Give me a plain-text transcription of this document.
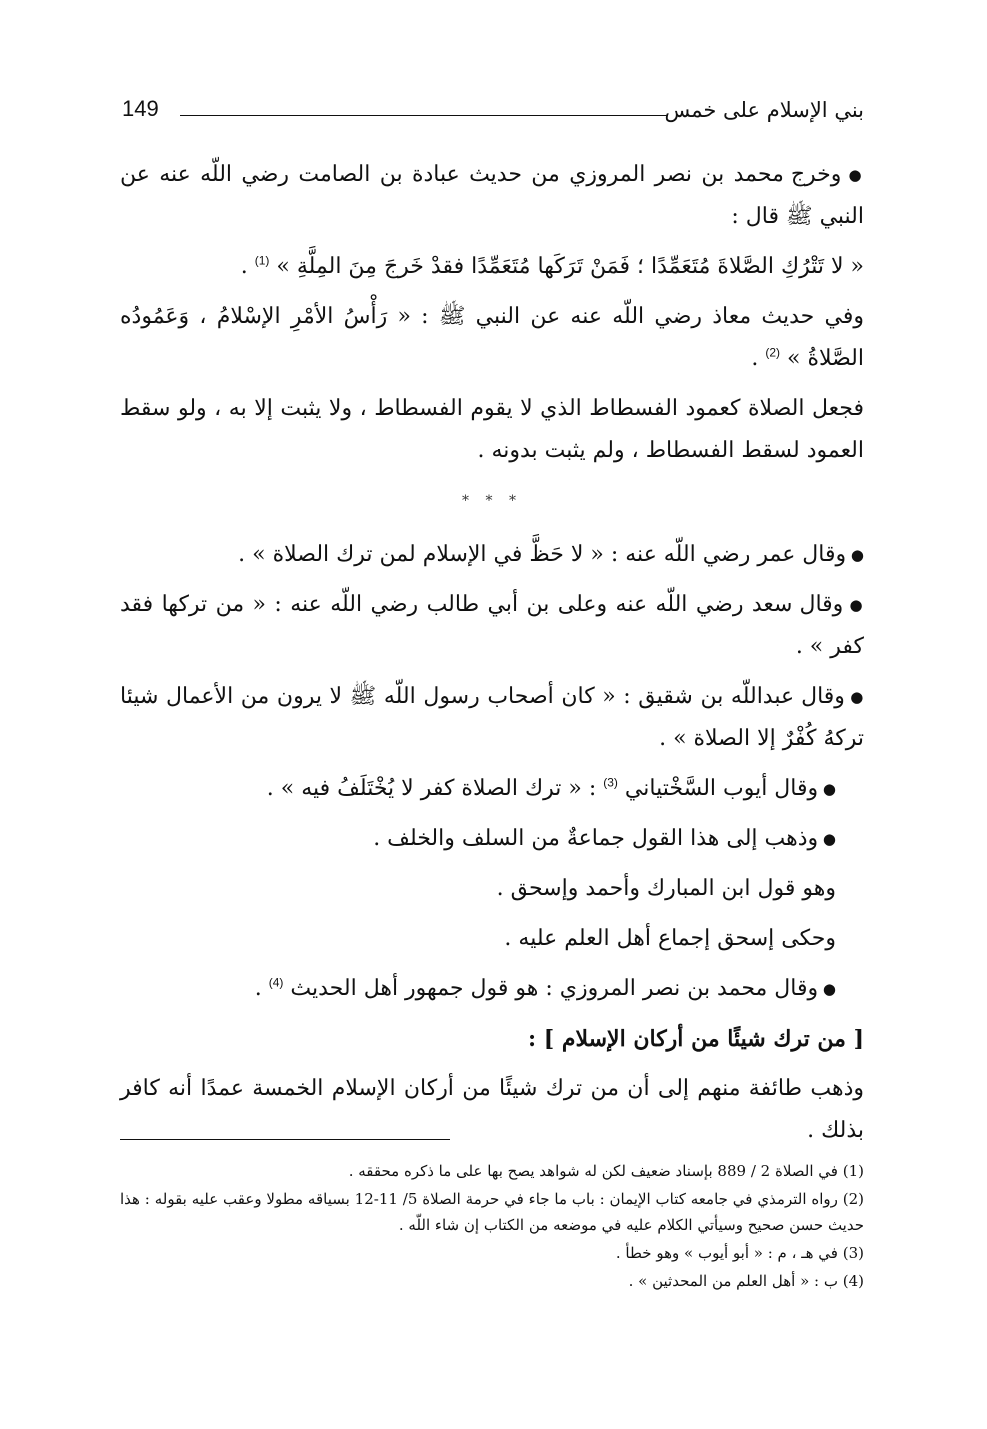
بني الإسلام على خمس
149

● وخرج محمد بن نصر المروزي من حديث عبادة بن الصامت رضي اللّه عنه عن النبي ﷺ قال :

« لا تَتْرُكِ الصَّلاةَ مُتَعَمِّدًا ؛ فَمَنْ تَرَكَها مُتَعَمِّدًا فقدْ خَرجَ مِنَ المِلَّةِ » $^{(1)}$ .

وفي حديث معاذ رضي اللّه عنه عن النبي ﷺ : « رَأْسُ الأمْرِ الإسْلامُ ، وَعَمُودُه الصَّلاةُ » $^{(2)}$ .

فجعل الصلاة كعمود الفسطاط الذي لا يقوم الفسطاط ، ولا يثبت إلا به ، ولو سقط العمود لسقط الفسطاط ، ولم يثبت بدونه .

* * *

● وقال عمر رضي اللّه عنه : « لا حَظَّ في الإسلام لمن ترك الصلاة » .

● وقال سعد رضي اللّه عنه وعلى بن أبي طالب رضي اللّه عنه : « من تركها فقد كفر » .

● وقال عبداللّه بن شقيق : « كان أصحاب رسول اللّه ﷺ لا يرون من الأعمال شيئا تركهُ كُفْرٌ إلا الصلاة » .

● وقال أيوب السَّخْتياني $^{(3)}$ : « ترك الصلاة كفر لا يُخْتَلَفُ فيه » .

● وذهب إلى هذا القول جماعةٌ من السلف والخلف .

وهو قول ابن المبارك وأحمد وإسحق .

وحكى إسحق إجماع أهل العلم عليه .

● وقال محمد بن نصر المروزي : هو قول جمهور أهل الحديث $^{(4)}$ .

[ من ترك شيئًا من أركان الإسلام ] :

وذهب طائفة منهم إلى أن من ترك شيئًا من أركان الإسلام الخمسة عمدًا أنه كافر بذلك .

(1) في الصلاة 2 / 889 بإسناد ضعيف لكن له شواهد يصح بها على ما ذكره محققه .

(2) رواه الترمذي في جامعه كتاب الإيمان : باب ما جاء في حرمة الصلاة 5/ 11-12 بسياقه مطولا وعقب عليه بقوله : هذا حديث حسن صحيح وسيأتي الكلام عليه في موضعه من الكتاب إن شاء اللّه .

(3) في هـ ، م : « أبو أيوب » وهو خطأ .

(4) ب : « أهل العلم من المحدثين » .
